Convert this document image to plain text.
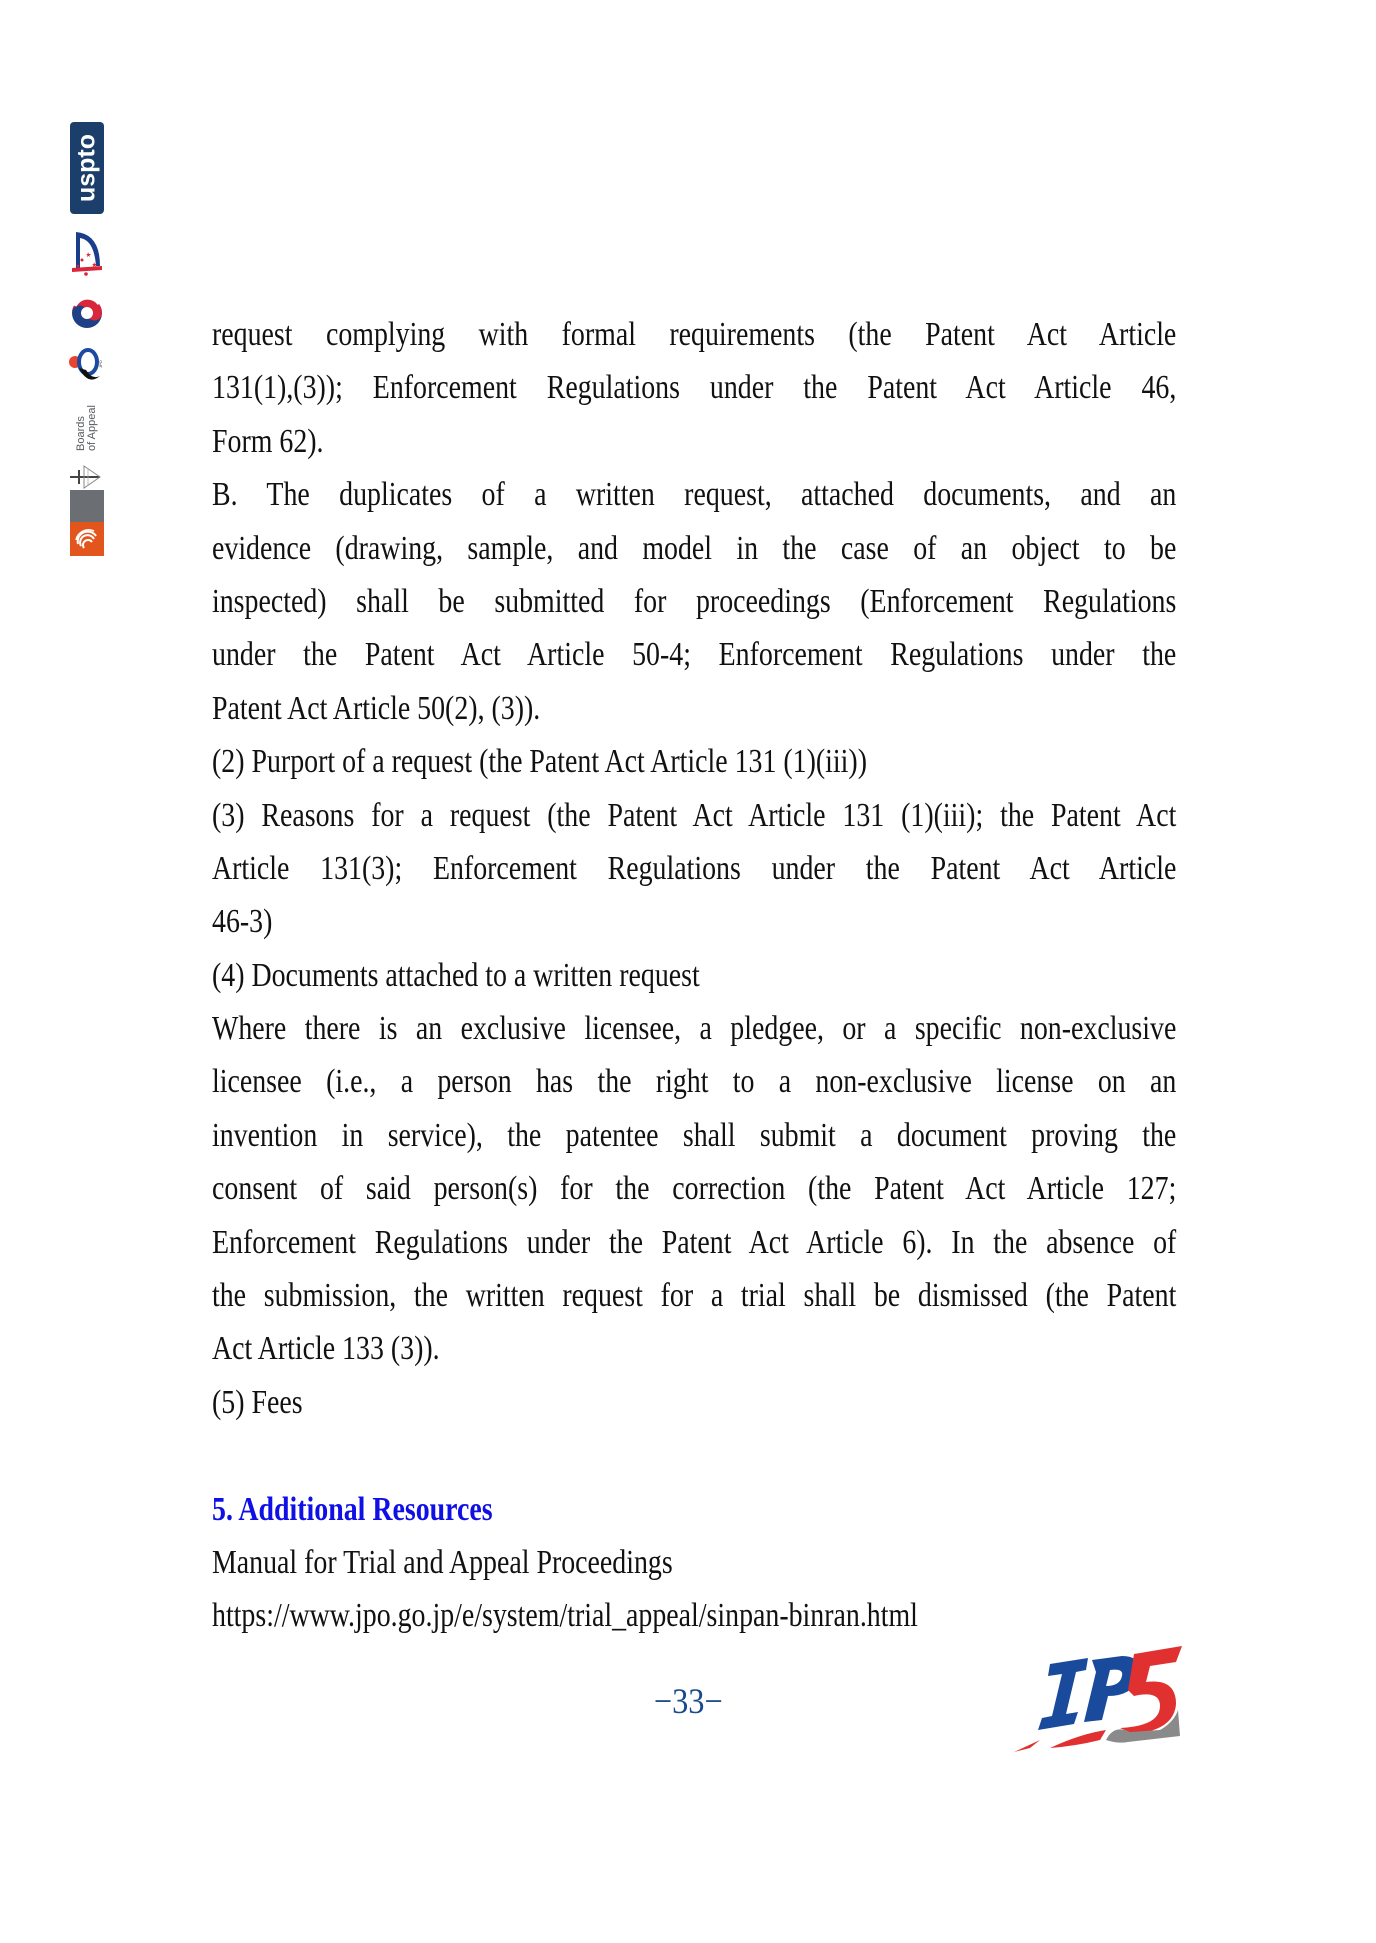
uspto
JPO
Boards
of Appeal
request complying with formal requirements (the Patent Act Article
131(1),(3)); Enforcement Regulations under the Patent Act Article 46,
Form 62).
B. The duplicates of a written request, attached documents, and an
evidence (drawing, sample, and model in the case of an object to be
inspected) shall be submitted for proceedings (Enforcement Regulations
under the Patent Act Article 50-4; Enforcement Regulations under the
Patent Act Article 50(2), (3)).
(2) Purport of a request (the Patent Act Article 131 (1)(iii))
(3) Reasons for a request (the Patent Act Article 131 (1)(iii); the Patent Act
Article 131(3); Enforcement Regulations under the Patent Act Article
46-3)
(4) Documents attached to a written request
Where there is an exclusive licensee, a pledgee, or a specific non-exclusive
licensee (i.e., a person has the right to a non-exclusive license on an
invention in service), the patentee shall submit a document proving the
consent of said person(s) for the correction (the Patent Act Article 127;
Enforcement Regulations under the Patent Act Article 6). In the absence of
the submission, the written request for a trial shall be dismissed (the Patent
Act Article 133 (3)).
(5) Fees
5. Additional Resources
Manual for Trial and Appeal Proceedings
https://www.jpo.go.jp/e/system/trial_appeal/sinpan-binran.html
−33−
